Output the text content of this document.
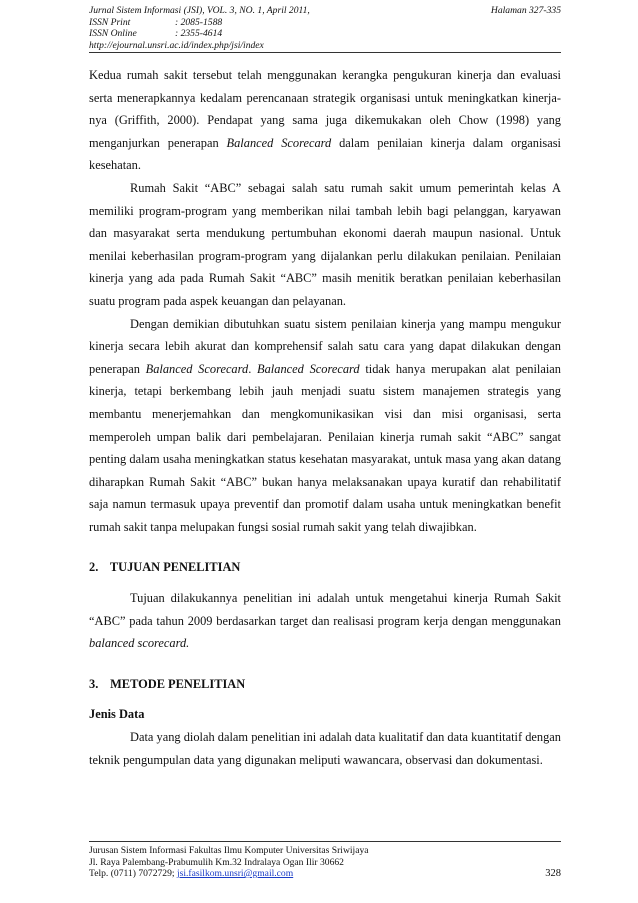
Jurnal Sistem Informasi (JSI), VOL. 3, NO. 1, April 2011,	Halaman 327-335
ISSN Print	: 2085-1588
ISSN Online	: 2355-4614
http://ejournal.unsri.ac.id/index.php/jsi/index

Kedua rumah sakit tersebut telah menggunakan kerangka pengukuran kinerja dan evaluasi serta menerapkannya kedalam perencanaan strategik organisasi untuk meningkatkan kinerja-nya (Griffith, 2000). Pendapat yang sama juga dikemukakan oleh Chow (1998) yang menganjurkan penerapan Balanced Scorecard dalam penilaian kinerja dalam organisasi kesehatan.

Rumah Sakit “ABC” sebagai salah satu rumah sakit umum pemerintah kelas A memiliki program-program yang memberikan nilai tambah lebih bagi pelanggan, karyawan dan masyarakat serta mendukung pertumbuhan ekonomi daerah maupun nasional. Untuk menilai keberhasilan program-program yang dijalankan perlu dilakukan penilaian. Penilaian kinerja yang ada pada Rumah Sakit “ABC” masih menitik beratkan penilaian keberhasilan suatu program pada aspek keuangan dan pelayanan.

Dengan demikian dibutuhkan suatu sistem penilaian kinerja yang mampu mengukur kinerja secara lebih akurat dan komprehensif salah satu cara yang dapat dilakukan dengan penerapan Balanced Scorecard. Balanced Scorecard tidak hanya merupakan alat penilaian kinerja, tetapi berkembang lebih jauh menjadi suatu sistem manajemen strategis yang membantu menerjemahkan dan mengkomunikasikan visi dan misi organisasi, serta memperoleh umpan balik dari pembelajaran. Penilaian kinerja rumah sakit “ABC” sangat penting dalam usaha meningkatkan status kesehatan masyarakat, untuk masa yang akan datang diharapkan Rumah Sakit “ABC” bukan hanya melaksanakan upaya kuratif dan rehabilitatif saja namun termasuk upaya preventif dan promotif dalam usaha untuk meningkatkan benefit rumah sakit tanpa melupakan fungsi sosial rumah sakit yang telah diwajibkan.

2. TUJUAN PENELITIAN

Tujuan dilakukannya penelitian ini adalah untuk mengetahui kinerja Rumah Sakit “ABC” pada tahun 2009 berdasarkan target dan realisasi program kerja dengan menggunakan balanced scorecard.

3. METODE PENELITIAN
Jenis Data

Data yang diolah dalam penelitian ini adalah data kualitatif dan data kuantitatif dengan teknik pengumpulan data yang digunakan meliputi wawancara, observasi dan dokumentasi.

Jurusan Sistem Informasi Fakultas Ilmu Komputer Universitas Sriwijaya
Jl. Raya Palembang-Prabumulih Km.32 Indralaya Ogan Ilir 30662
Telp. (0711) 7072729; jsi.fasilkom.unsri@gmail.com	328
